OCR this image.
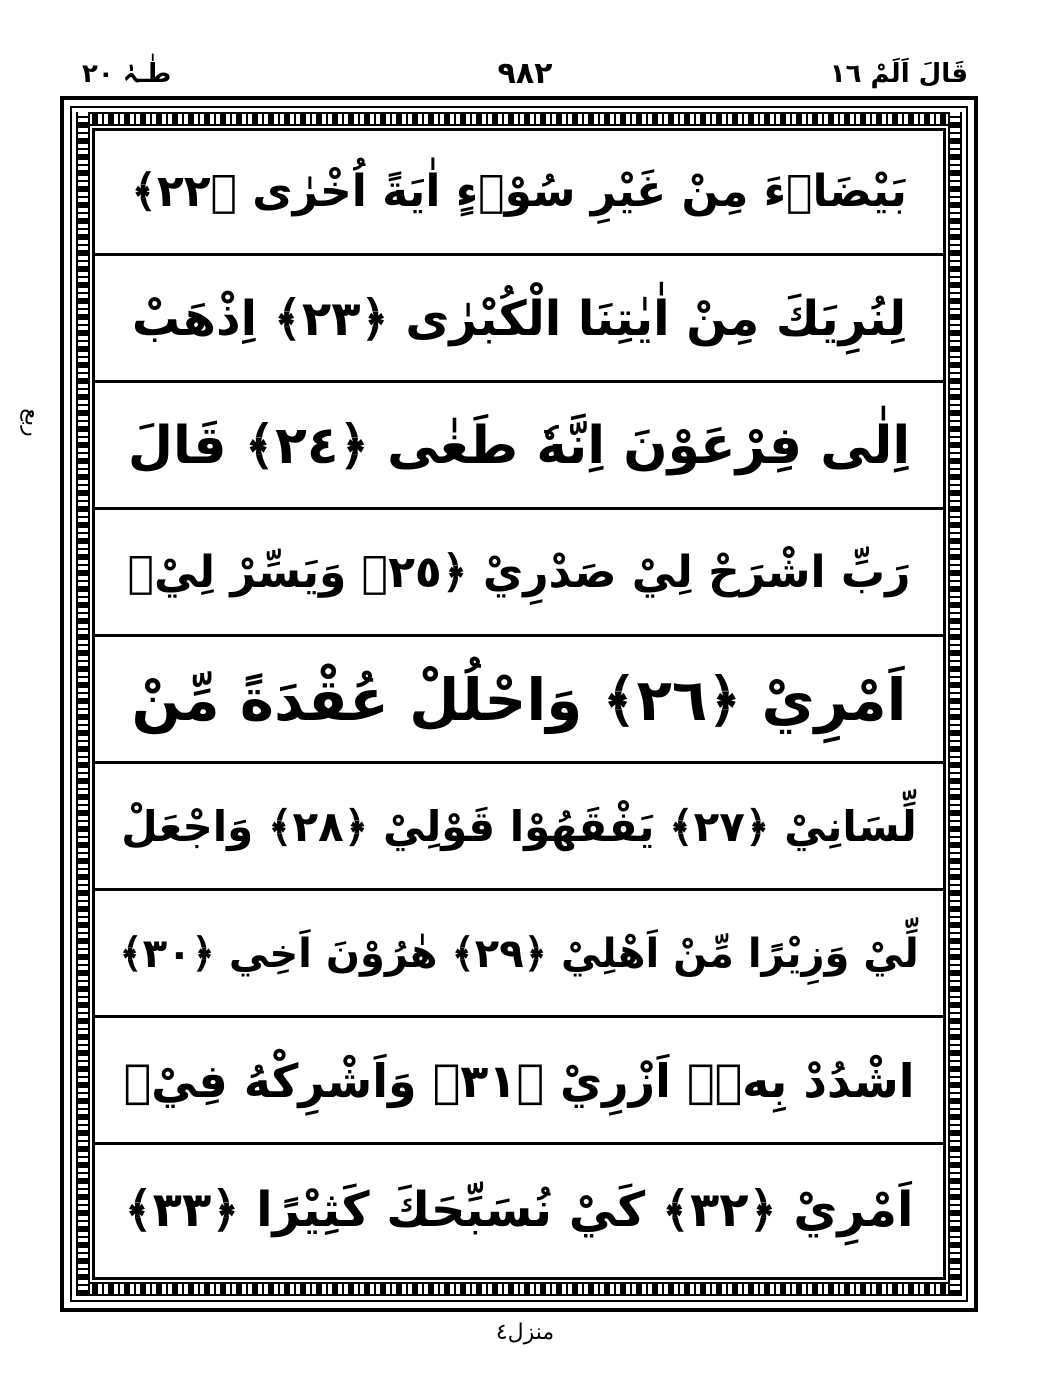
طٰـہٰ ٢٠	٩٨٢	قَالَ اَلَمْ ١٦
ربع
بَيْضَاۤءَ مِنْ غَيْرِ سُوْۤءٍ اٰيَةً اُخْرٰى ﴿٢٢﴾
لِنُرِيَكَ مِنْ اٰيٰتِنَا الْكُبْرٰى ﴿٢٣﴾ اِذْهَبْ
اِلٰى فِرْعَوْنَ اِنَّهٗ طَغٰى ﴿٢٤﴾ قَالَ
رَبِّ اشْرَحْ لِيْ صَدْرِيْ ﴿٢٥﴾ وَيَسِّرْ لِيْۤ
اَمْرِيْ ﴿٢٦﴾ وَاحْلُلْ عُقْدَةً مِّنْ
لِّسَانِيْ ﴿٢٧﴾ يَفْقَهُوْا قَوْلِيْ ﴿٢٨﴾ وَاجْعَلْ
لِّيْ وَزِيْرًا مِّنْ اَهْلِيْ ﴿٢٩﴾ هٰرُوْنَ اَخِي ﴿٣٠﴾
اشْدُدْ بِهٖۤ اَزْرِيْ ﴿٣١﴾ وَاَشْرِكْهُ فِيْۤ
اَمْرِيْ ﴿٣٢﴾ كَيْ نُسَبِّحَكَ كَثِيْرًا ﴿٣٣﴾
منزل٤
